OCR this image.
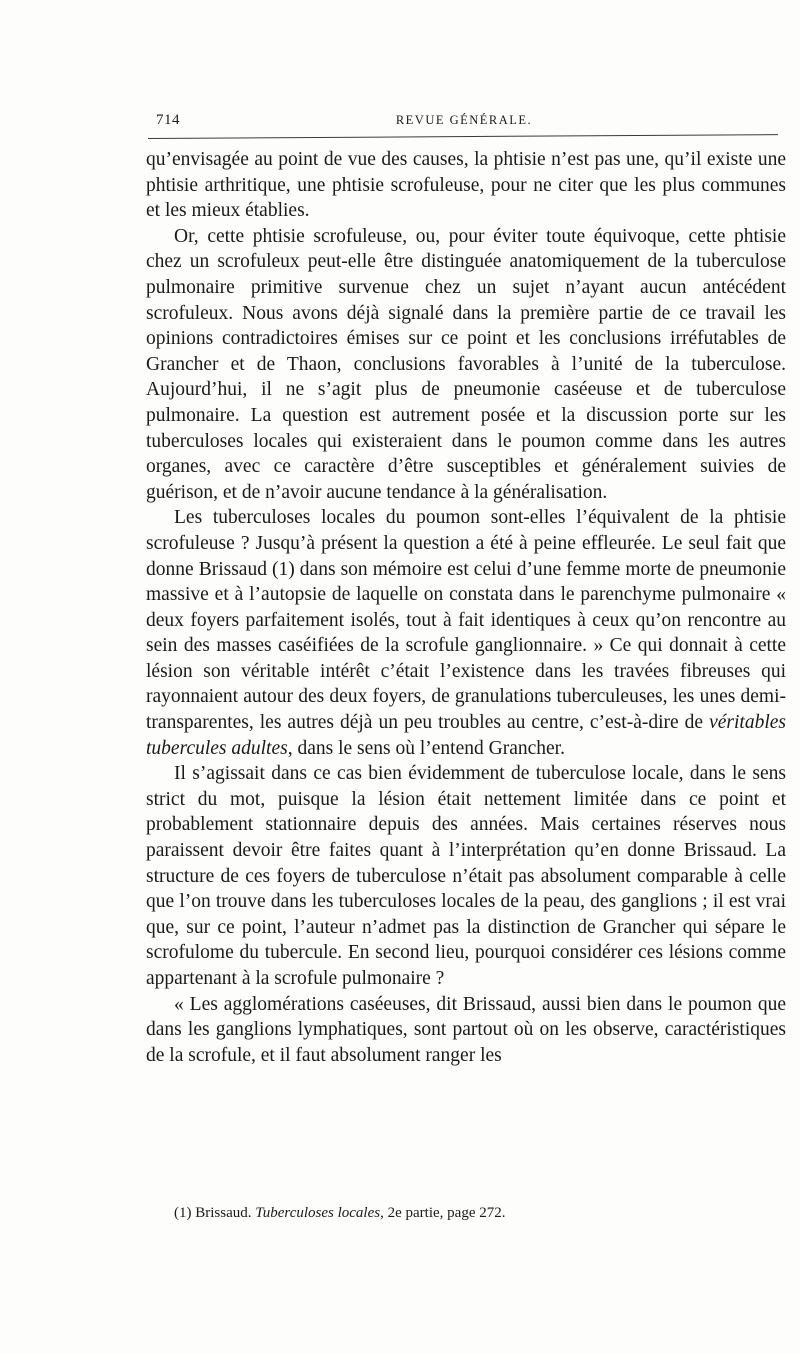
714	REVUE GÉNÉRALE.

qu’envisagée au point de vue des causes, la phtisie n’est pas une, qu’il existe une phtisie arthritique, une phtisie scrofuleuse, pour ne citer que les plus communes et les mieux établies.

Or, cette phtisie scrofuleuse, ou, pour éviter toute équivoque, cette phtisie chez un scrofuleux peut-elle être distinguée anatomiquement de la tuberculose pulmonaire primitive survenue chez un sujet n’ayant aucun antécédent scrofuleux. Nous avons déjà signalé dans la première partie de ce travail les opinions contradictoires émises sur ce point et les conclusions irréfutables de Grancher et de Thaon, conclusions favorables à l’unité de la tuberculose. Aujourd’hui, il ne s’agit plus de pneumonie caséeuse et de tuberculose pulmonaire. La question est autrement posée et la discussion porte sur les tuberculoses locales qui existeraient dans le poumon comme dans les autres organes, avec ce caractère d’être susceptibles et généralement suivies de guérison, et de n’avoir aucune tendance à la généralisation.

Les tuberculoses locales du poumon sont-elles l’équivalent de la phtisie scrofuleuse ? Jusqu’à présent la question a été à peine effleurée. Le seul fait que donne Brissaud (1) dans son mémoire est celui d’une femme morte de pneumonie massive et à l’autopsie de laquelle on constata dans le parenchyme pulmonaire « deux foyers parfaitement isolés, tout à fait identiques à ceux qu’on rencontre au sein des masses caséifiées de la scrofule ganglionnaire. » Ce qui donnait à cette lésion son véritable intérêt c’était l’existence dans les travées fibreuses qui rayonnaient autour des deux foyers, de granulations tuberculeuses, les unes demi-transparentes, les autres déjà un peu troubles au centre, c’est-à-dire de véritables tubercules adultes, dans le sens où l’entend Grancher.

Il s’agissait dans ce cas bien évidemment de tuberculose locale, dans le sens strict du mot, puisque la lésion était nettement limitée dans ce point et probablement stationnaire depuis des années. Mais certaines réserves nous paraissent devoir être faites quant à l’interprétation qu’en donne Brissaud. La structure de ces foyers de tuberculose n’était pas absolument comparable à celle que l’on trouve dans les tuberculoses locales de la peau, des ganglions ; il est vrai que, sur ce point, l’auteur n’admet pas la distinction de Grancher qui sépare le scrofulome du tubercule. En second lieu, pourquoi considérer ces lésions comme appartenant à la scrofule pulmonaire ?

« Les agglomérations caséeuses, dit Brissaud, aussi bien dans le poumon que dans les ganglions lymphatiques, sont partout où on les observe, caractéristiques de la scrofule, et il faut absolument ranger les

(1) Brissaud. Tuberculoses locales, 2e partie, page 272.
